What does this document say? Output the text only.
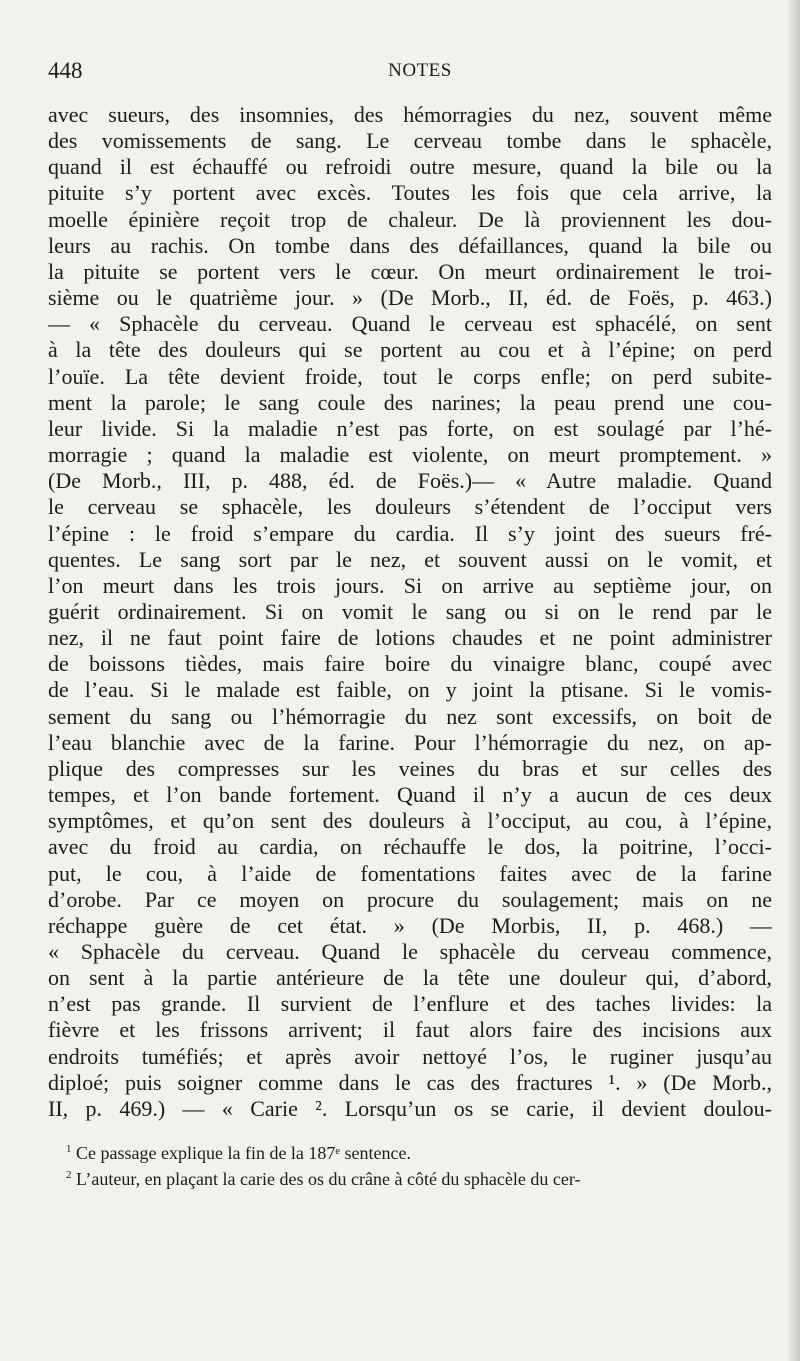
448	NOTES
avec sueurs, des insomnies, des hémorragies du nez, souvent même
des vomissements de sang. Le cerveau tombe dans le sphacèle,
quand il est échauffé ou refroidi outre mesure, quand la bile ou la
pituite s’y portent avec excès. Toutes les fois que cela arrive, la
moelle épinière reçoit trop de chaleur. De là proviennent les dou-
leurs au rachis. On tombe dans des défaillances, quand la bile ou
la pituite se portent vers le cœur. On meurt ordinairement le troi-
sième ou le quatrième jour. » (De Morb., II, éd. de Foës, p. 463.)
— « Sphacèle du cerveau. Quand le cerveau est sphacélé, on sent
à la tête des douleurs qui se portent au cou et à l’épine; on perd
l’ouïe. La tête devient froide, tout le corps enfle; on perd subite-
ment la parole; le sang coule des narines; la peau prend une cou-
leur livide. Si la maladie n’est pas forte, on est soulagé par l’hé-
morragie ; quand la maladie est violente, on meurt promptement. »
(De Morb., III, p. 488, éd. de Foës.)— « Autre maladie. Quand
le cerveau se sphacèle, les douleurs s’étendent de l’occiput vers
l’épine : le froid s’empare du cardia. Il s’y joint des sueurs fré-
quentes. Le sang sort par le nez, et souvent aussi on le vomit, et
l’on meurt dans les trois jours. Si on arrive au septième jour, on
guérit ordinairement. Si on vomit le sang ou si on le rend par le
nez, il ne faut point faire de lotions chaudes et ne point administrer
de boissons tièdes, mais faire boire du vinaigre blanc, coupé avec
de l’eau. Si le malade est faible, on y joint la ptisane. Si le vomis-
sement du sang ou l’hémorragie du nez sont excessifs, on boit de
l’eau blanchie avec de la farine. Pour l’hémorragie du nez, on ap-
plique des compresses sur les veines du bras et sur celles des
tempes, et l’on bande fortement. Quand il n’y a aucun de ces deux
symptômes, et qu’on sent des douleurs à l’occiput, au cou, à l’épine,
avec du froid au cardia, on réchauffe le dos, la poitrine, l’occi-
put, le cou, à l’aide de fomentations faites avec de la farine
d’orobe. Par ce moyen on procure du soulagement; mais on ne
réchappe guère de cet état. » (De Morbis, II, p. 468.) —
« Sphacèle du cerveau. Quand le sphacèle du cerveau commence,
on sent à la partie antérieure de la tête une douleur qui, d’abord,
n’est pas grande. Il survient de l’enflure et des taches livides: la
fièvre et les frissons arrivent; il faut alors faire des incisions aux
endroits tuméfiés; et après avoir nettoyé l’os, le ruginer jusqu’au
diploé; puis soigner comme dans le cas des fractures ¹. » (De Morb.,
II, p. 469.) — « Carie ². Lorsqu’un os se carie, il devient doulou-
$^1$ Ce passage explique la fin de la 187ᵉ sentence.
$^2$ L’auteur, en plaçant la carie des os du crâne à côté du sphacèle du cer-
